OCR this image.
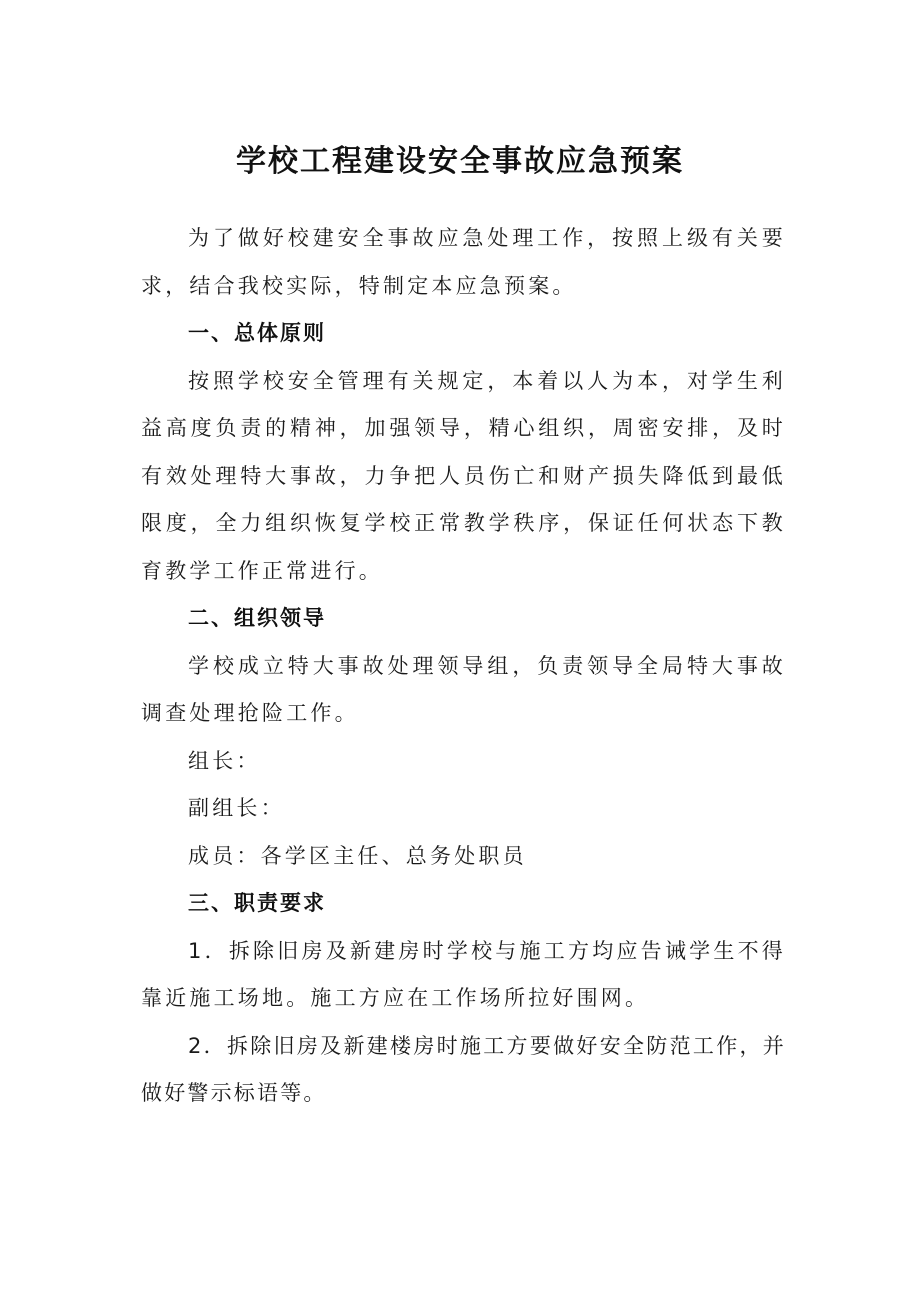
学校工程建设安全事故应急预案

为了做好校建安全事故应急处理工作，按照上级有关要求，结合我校实际，特制定本应急预案。

一、总体原则

按照学校安全管理有关规定，本着以人为本，对学生利益高度负责的精神，加强领导，精心组织，周密安排，及时有效处理特大事故，力争把人员伤亡和财产损失降低到最低限度，全力组织恢复学校正常教学秩序，保证任何状态下教育教学工作正常进行。

二、组织领导

学校成立特大事故处理领导组，负责领导全局特大事故调查处理抢险工作。

组长：

副组长：

成员：各学区主任、总务处职员

三、职责要求

1．拆除旧房及新建房时学校与施工方均应告诫学生不得靠近施工场地。施工方应在工作场所拉好围网。

2．拆除旧房及新建楼房时施工方要做好安全防范工作，并做好警示标语等。
